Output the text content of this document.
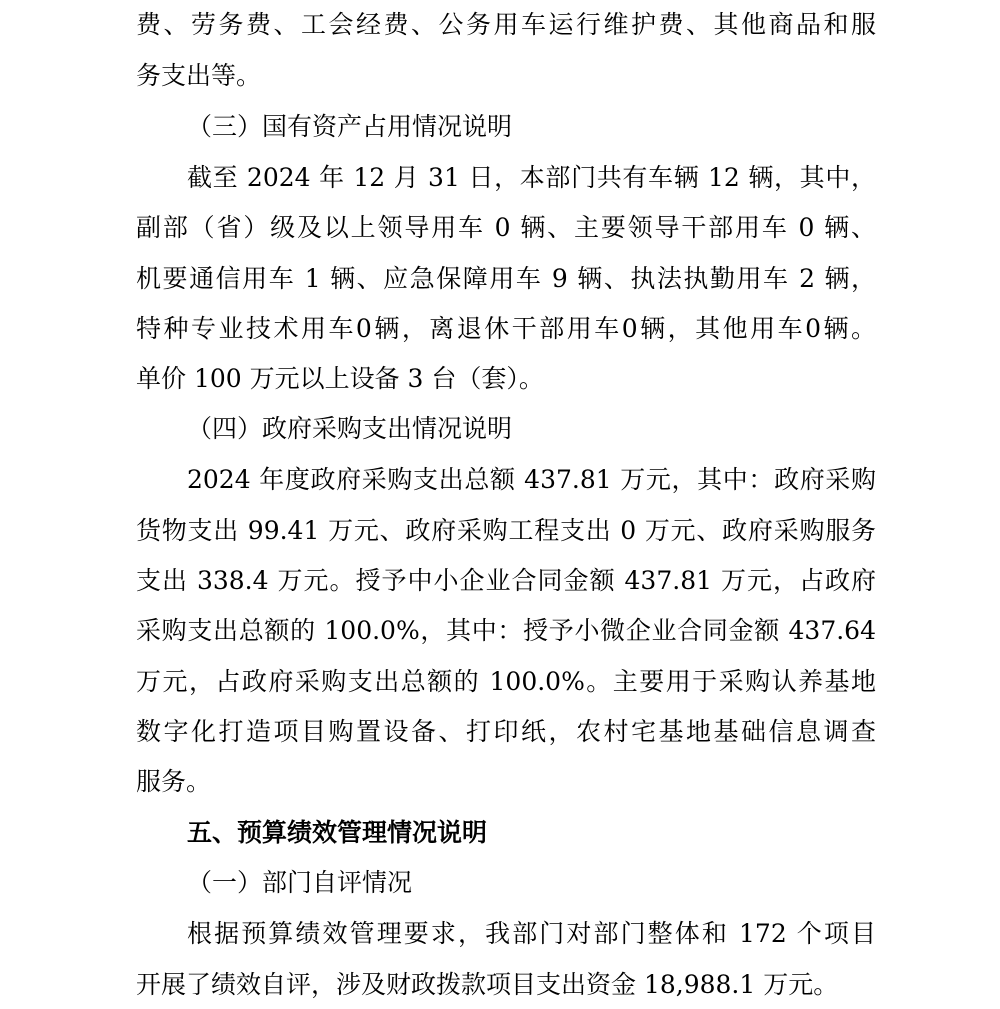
费、劳务费、工会经费、公务用车运行维护费、其他商品和服
务支出等。
（三）国有资产占用情况说明
截至 2024 年 12 月 31 日，本部门共有车辆 12 辆，其中，
副部（省）级及以上领导用车 0 辆、主要领导干部用车 0 辆、
机要通信用车 1 辆、应急保障用车 9 辆、执法执勤用车 2 辆，
特种专业技术用车0辆，离退休干部用车0辆，其他用车0辆。
单价 100 万元以上设备 3 台（套）。
（四）政府采购支出情况说明
2024 年度政府采购支出总额 437.81 万元，其中：政府采购
货物支出 99.41 万元、政府采购工程支出 0 万元、政府采购服务
支出 338.4 万元。授予中小企业合同金额 437.81 万元，占政府
采购支出总额的 100.0%，其中：授予小微企业合同金额 437.64
万元，占政府采购支出总额的 100.0%。主要用于采购认养基地
数字化打造项目购置设备、打印纸，农村宅基地基础信息调查
服务。
五、预算绩效管理情况说明
（一）部门自评情况
根据预算绩效管理要求，我部门对部门整体和 172 个项目
开展了绩效自评，涉及财政拨款项目支出资金 18,988.1 万元。
